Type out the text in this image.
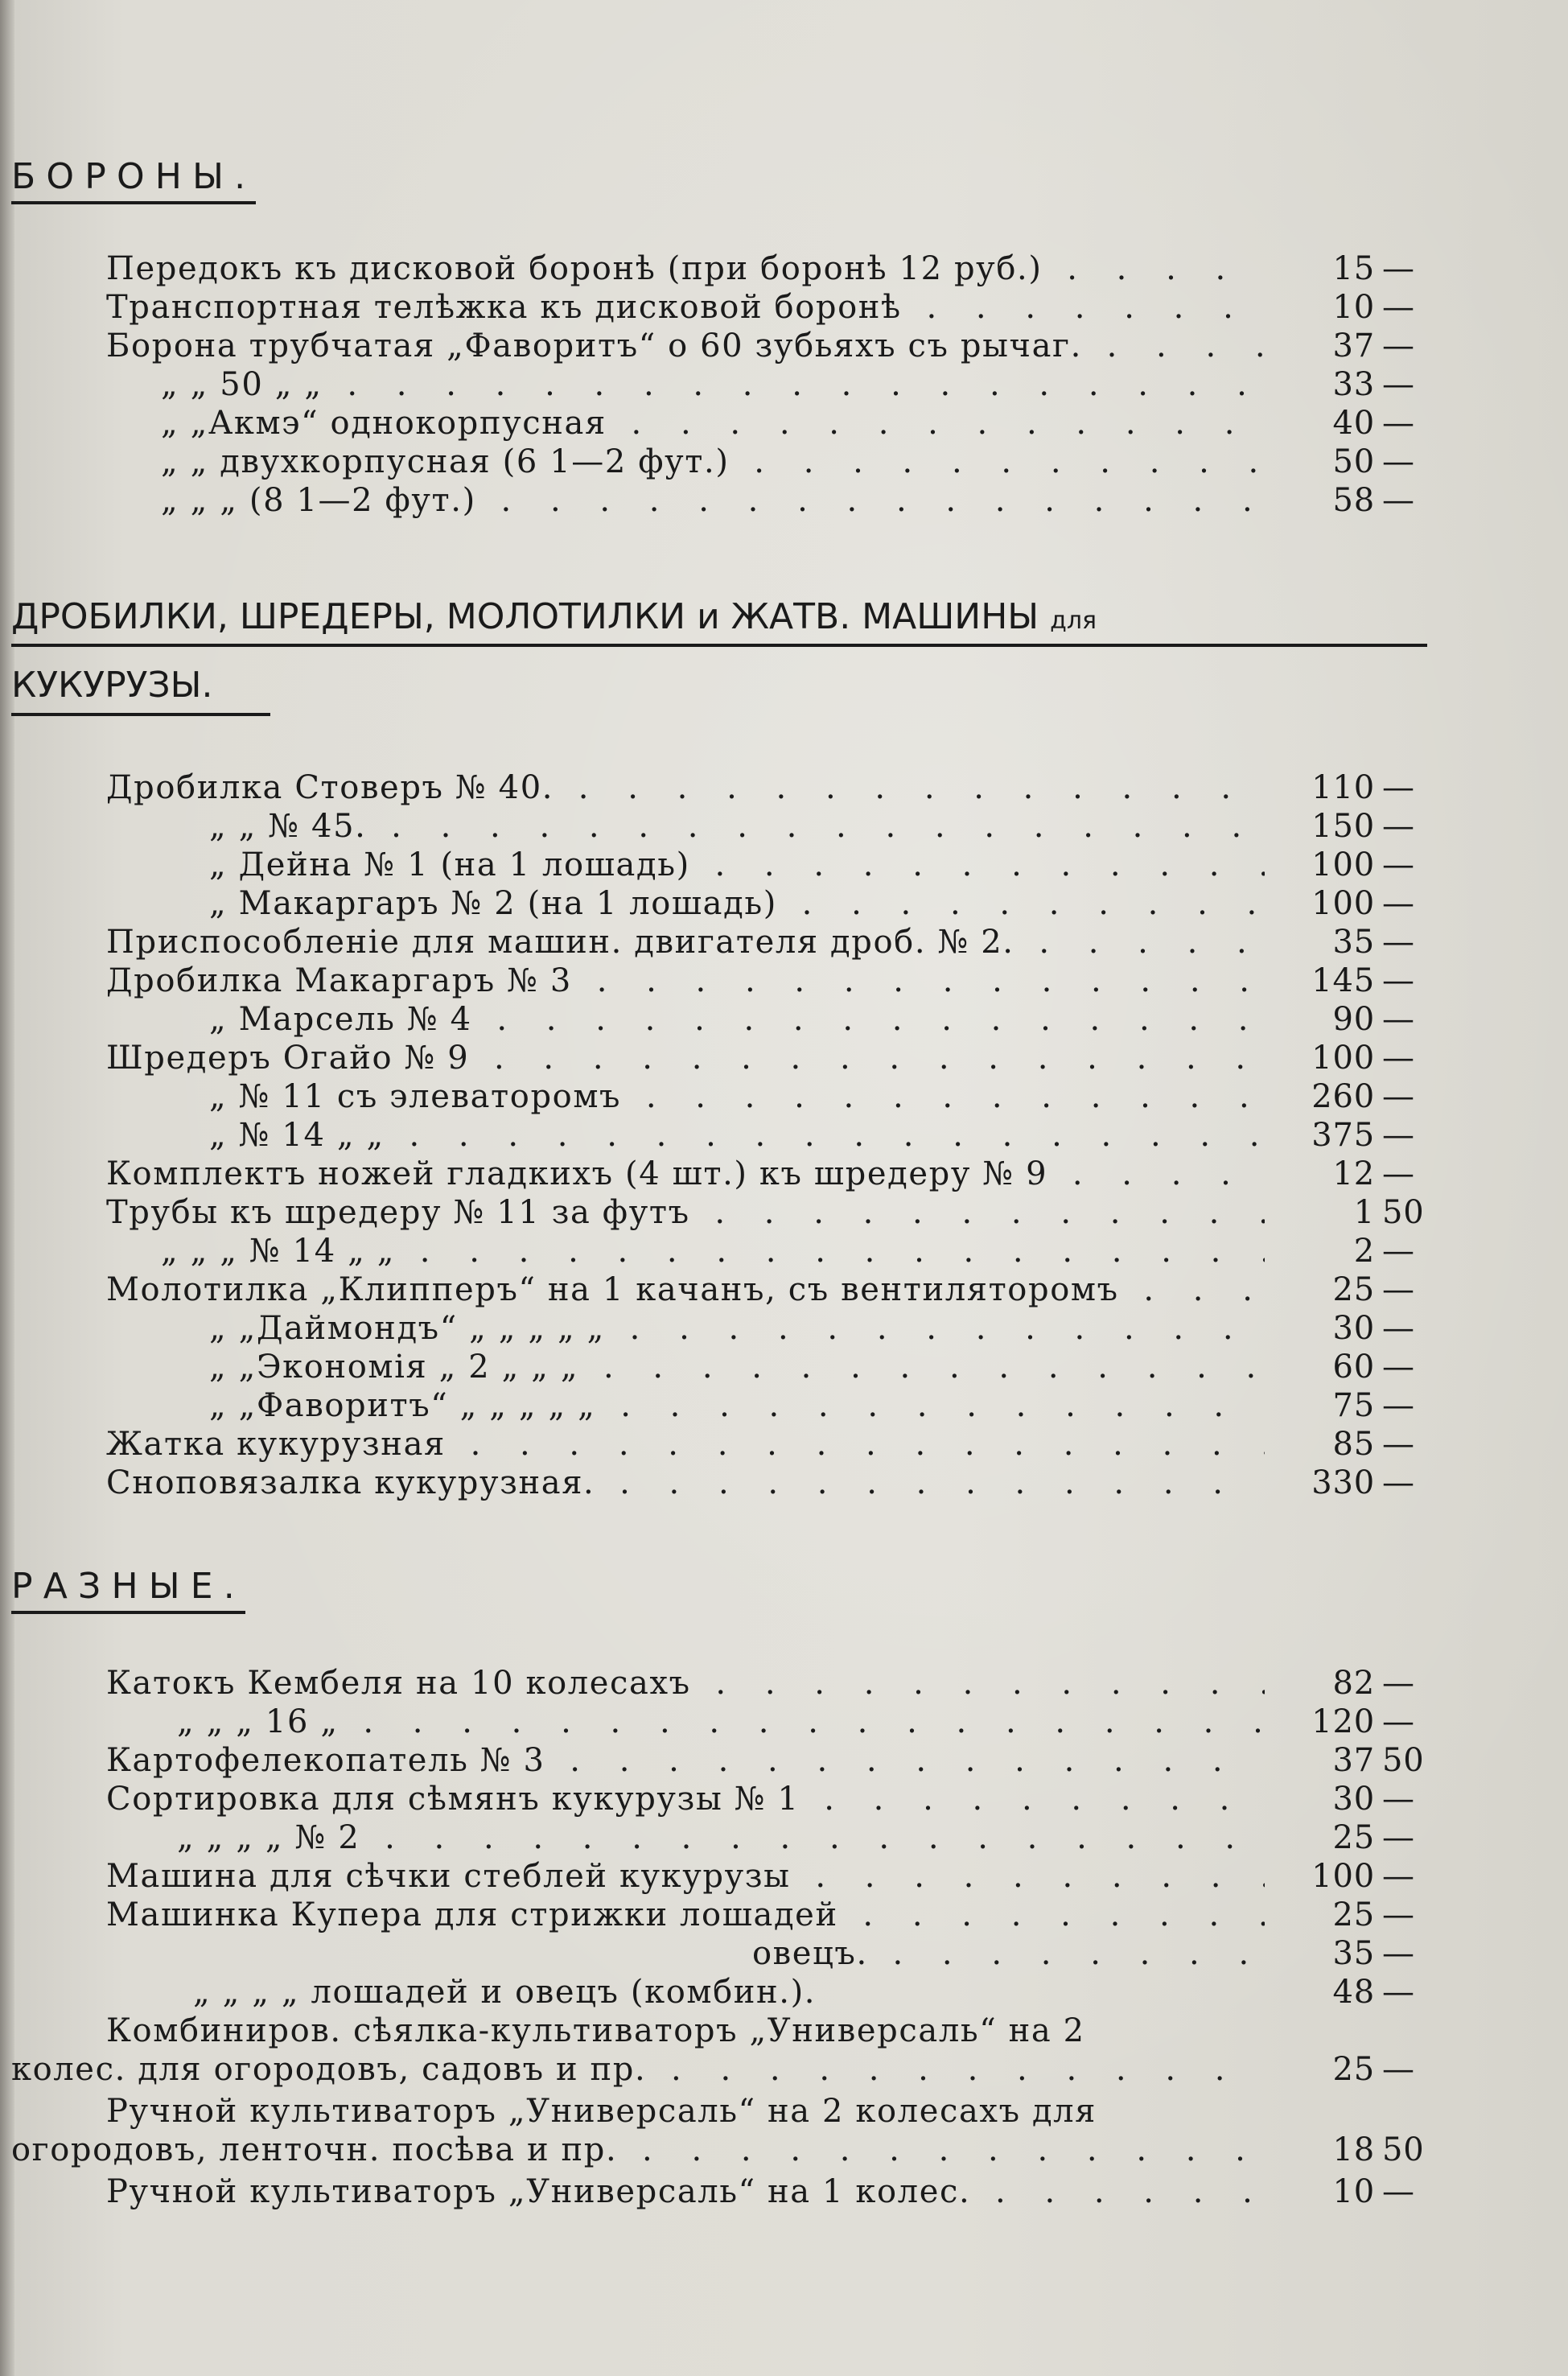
БОРОНЫ.
Передокъ къ дисковой боронѣ (при боронѣ 12 руб.) . . .	15 —
Транспортная телѣжка къ дисковой боронѣ . . .	10 —
Борона трубчатая „Фаворитъ“ о 60 зубьяхъ съ рычаг. . . .	37 —
„ „ 50 „ „ . . .	33 —
„ „Акмэ“ однокорпусная . . .	40 —
„ „ двухкорпусная (6 1—2 фут.) . . .	50 —
„ „ „ (8 1—2 фут.) . . .	58 —
ДРОБИЛКИ, ШРЕДЕРЫ, МОЛОТИЛКИ и ЖАТВ. МАШИНЫ для
КУКУРУЗЫ.
Дробилка Стоверъ № 40. . . .	110 —
„ „ № 45. . . .	150 —
„ Дейна № 1 (на 1 лошадь) . . .	100 —
„ Макаргаръ № 2 (на 1 лошадь) . . .	100 —
Приспособленіе для машин. двигателя дроб. № 2. . . .	35 —
Дробилка Макаргаръ № 3 . . .	145 —
„ Марсель № 4 . . .	90 —
Шредеръ Огайо № 9 . . .	100 —
„ № 11 съ элеваторомъ . . .	260 —
„ № 14 „ „ . . .	375 —
Комплектъ ножей гладкихъ (4 шт.) къ шредеру № 9 . . .	12 —
Трубы къ шредеру № 11 за футъ . . .	1 50
„ „ „ № 14 „ „ . . .	2 —
Молотилка „Клипперъ“ на 1 качанъ, съ вентиляторомъ . . .	25 —
„ „Даймондъ“ „ „ „ „ „ . . .	30 —
„ „Экономія „ 2 „ „ „ . . .	60 —
„ „Фаворитъ“ „ „ „ „ „ . . .	75 —
Жатка кукурузная . . .	85 —
Сноповязалка кукурузная. . . .	330 —
РАЗНЫЕ.
Катокъ Кембеля на 10 колесахъ . . .	82 —
„ „ „ 16 „ . . .	120 —
Картофелекопатель № 3 . . .	37 50
Сортировка для сѣмянъ кукурузы № 1 . . .	30 —
„ „ „ „ № 2 . . .	25 —
Машина для сѣчки стеблей кукурузы . . .	100 —
Машинка Купера для стрижки лошадей . . .	25 —
овецъ. . . .	35 —
„ „ „ „ лошадей и овецъ (комбин.).	48 —
Комбиниров. сѣялка-культиваторъ „Универсаль“ на 2
колес. для огородовъ, садовъ и пр. . . .	25 —
Ручной культиваторъ „Универсаль“ на 2 колесахъ для
огородовъ, ленточн. посѣва и пр. . . .	18 50
Ручной культиваторъ „Универсаль“ на 1 колес. . . .	10 —
